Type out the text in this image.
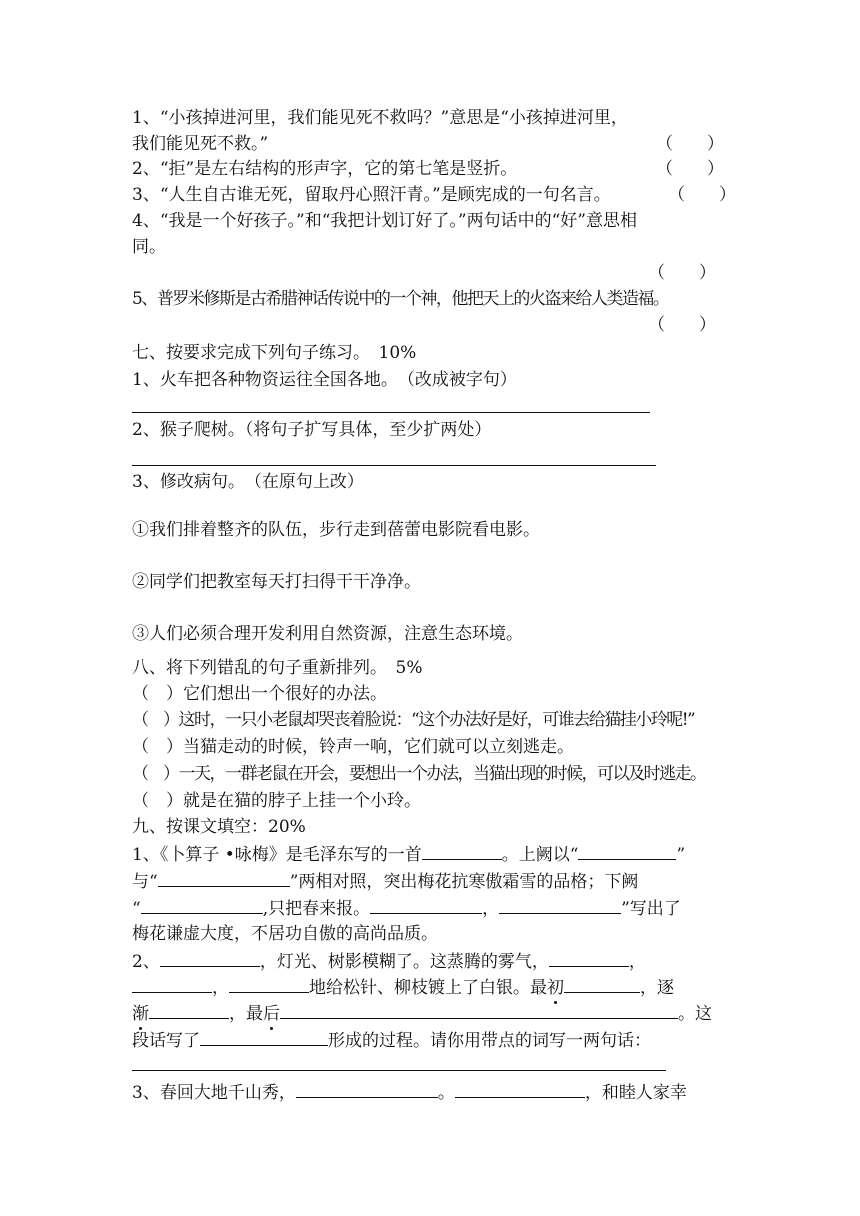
1、“小孩掉进河里，我们能见死不救吗？”意思是“小孩掉进河里，
我们能见死不救。”	（　　）
2、“拒”是左右结构的形声字，它的第七笔是竖折。	（　　）
3、“人生自古谁无死，留取丹心照汗青。”是顾宪成的一句名言。	（　　）
4、“我是一个好孩子。”和“我把计划订好了。”两句话中的“好”意思相
同。
（　　）
5、普罗米修斯是古希腊神话传说中的一个神，他把天上的火盗来给人类造福。
（　　）
七、按要求完成下列句子练习。　10%
1、火车把各种物资运往全国各地。　（改成被字句）
2、猴子爬树。（将句子扩写具体，至少扩两处）
3、修改病句。　（在原句上改）
①我们排着整齐的队伍，步行走到蓓蕾电影院看电影。
②同学们把教室每天打扫得干干净净。
③人们必须合理开发利用自然资源，注意生态环境。
八、将下列错乱的句子重新排列。　5%
（　）它们想出一个很好的办法。
（　）这时，一只小老鼠却哭丧着脸说：“这个办法好是好，可谁去给猫挂小玲呢!”
（　）当猫走动的时候，铃声一响，它们就可以立刻逃走。
（　）一天，一群老鼠在开会，要想出一个办法，当猫出现的时候，可以及时逃走。
（　）就是在猫的脖子上挂一个小玲。
九、按课文填空：20%
1、《卜算子 •咏梅》是毛泽东写的一首	。上阙以“	”
与“	”两相对照，突出梅花抗寒傲霜雪的品格；下阙
“	,只把春来报。	，	”写出了
梅花谦虚大度，不居功自傲的高尚品质。
2、	，灯光、树影模糊了。这蒸腾的雾气，	，
，	地给松针、柳枝镀上了白银。最初	，逐
渐	，最后	。这
段话写了	形成的过程。请你用带点的词写一两句话：
3、春回大地千山秀，	。	，和睦人家幸
